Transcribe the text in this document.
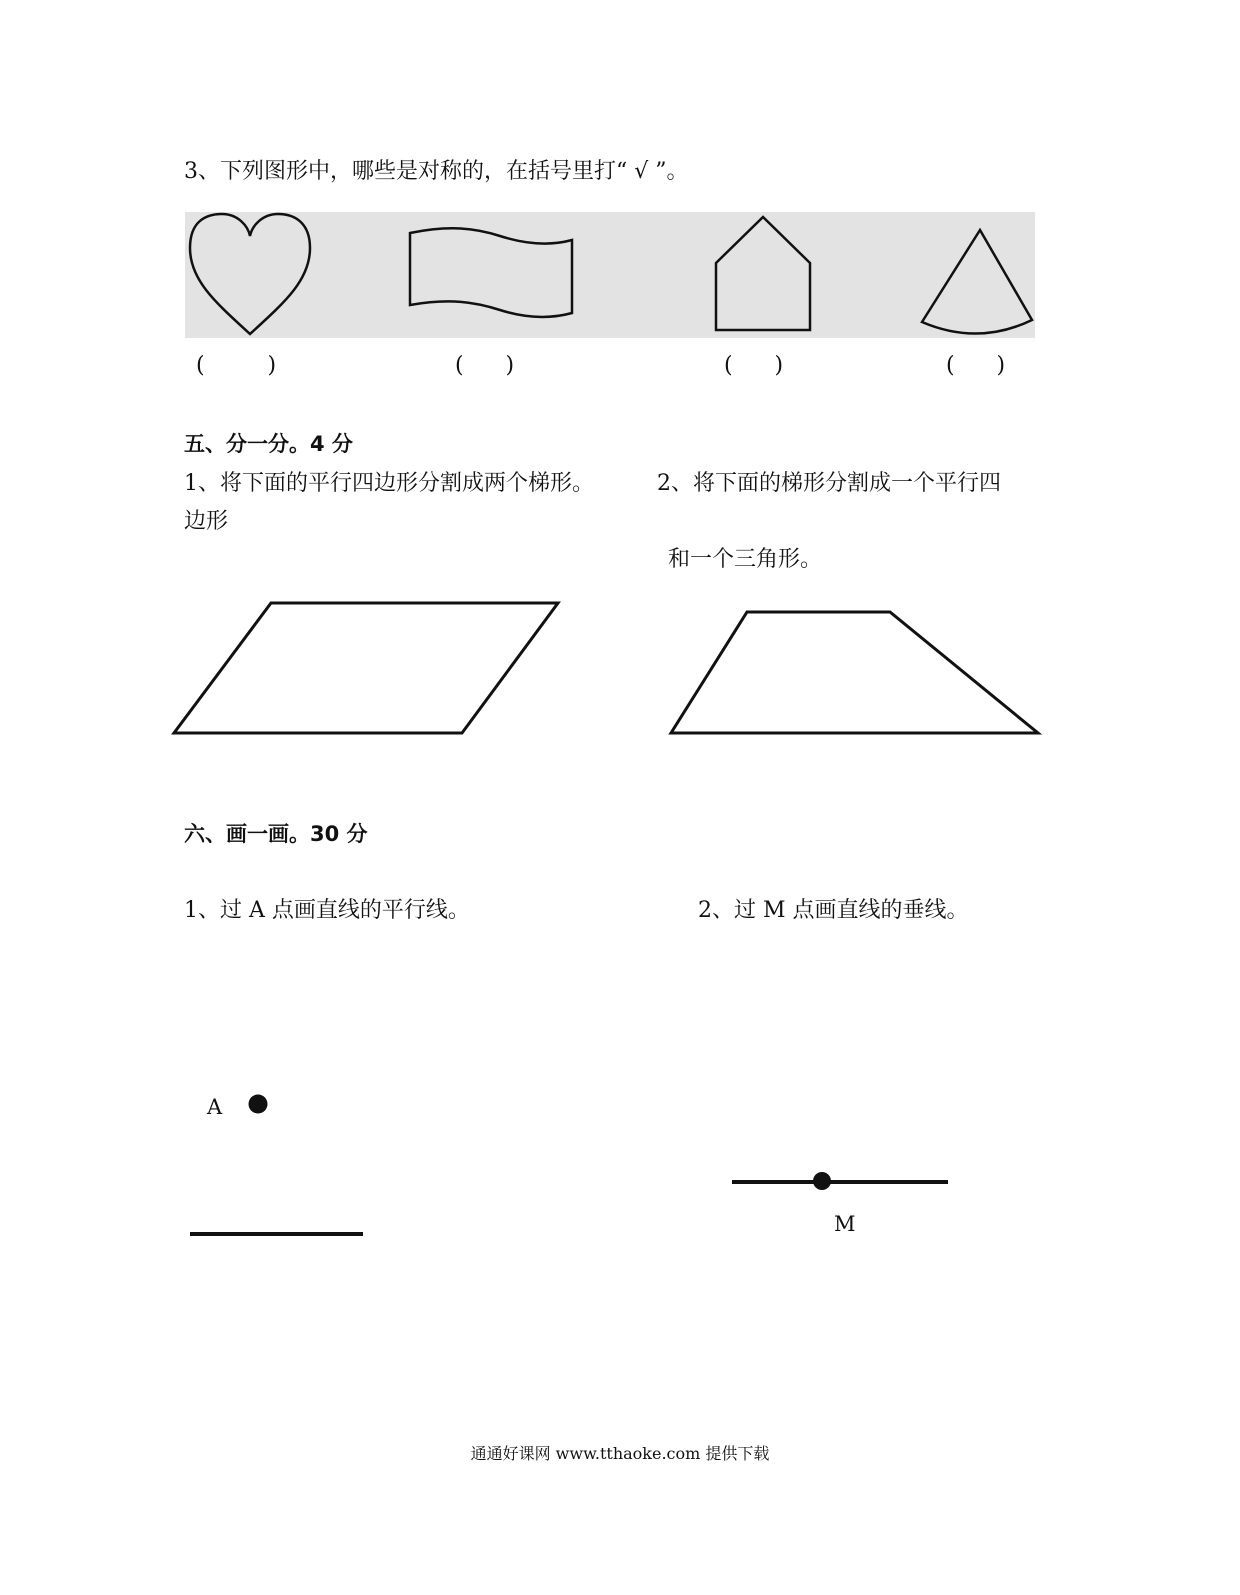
3、下列图形中，哪些是对称的，在括号里打“ √ ”。
(         )	(      )	(      )	(      )
五、分一分。4 分
1、将下面的平行四边形分割成两个梯形。	2、将下面的梯形分割成一个平行四
边形
和一个三角形。
六、画一画。30 分
1、过 A 点画直线的平行线。	2、过 M 点画直线的垂线。
A
M
通通好课网 www.tthaoke.com 提供下载
